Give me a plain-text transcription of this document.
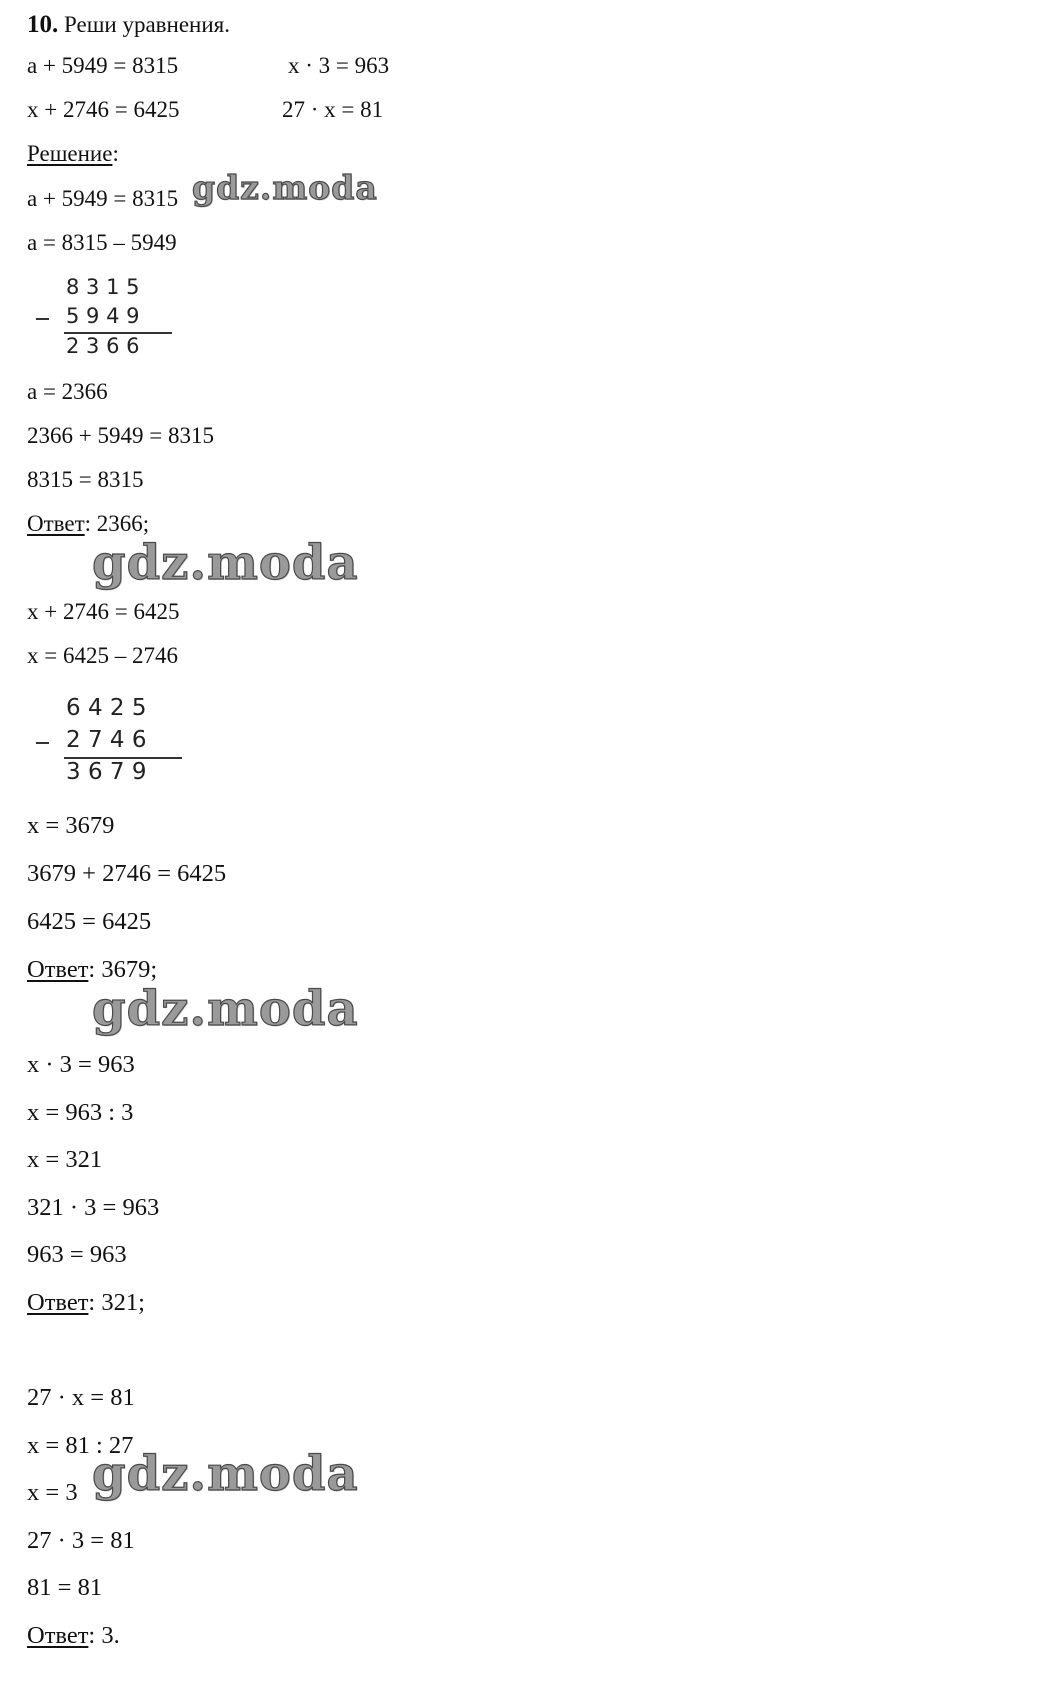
10. Реши уравнения.
a + 5949 = 8315	x · 3 = 963
x + 2746 = 6425	27 · x = 81
Решение:
a + 5949 = 8315
a = 8315 – 5949
8 3 1 5
5 9 4 9
2 3 6 6
a = 2366
2366 + 5949 = 8315
8315 = 8315
Ответ: 2366;
x + 2746 = 6425
x = 6425 – 2746
6 4 2 5
2 7 4 6
3 6 7 9
x = 3679
3679 + 2746 = 6425
6425 = 6425
Ответ: 3679;
x · 3 = 963
x = 963 : 3
x = 321
321 · 3 = 963
963 = 963
Ответ: 321;
27 · x = 81
x = 81 : 27
x = 3
27 · 3 = 81
81 = 81
Ответ: 3.
gdz.moda
gdz.moda
gdz.moda
gdz.moda
